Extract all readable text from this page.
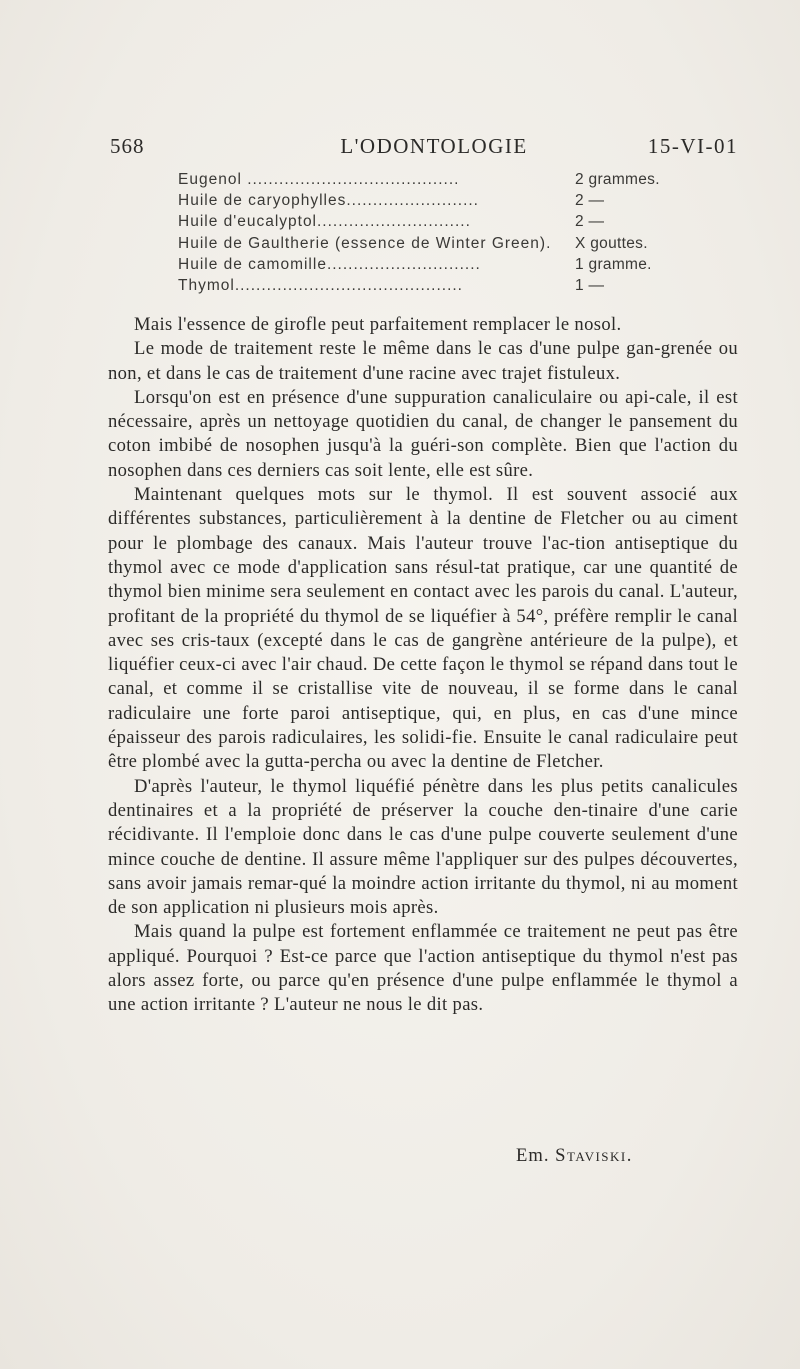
568	L'ODONTOLOGIE	15-VI-01
Eugenol ........................................	2 grammes.
Huile de caryophylles.........................	2 —
Huile d'eucalyptol.............................	2 —
Huile de Gaultherie (essence de Winter Green).	X gouttes.
Huile de camomille.............................	1 gramme.
Thymol...........................................	1 —

Mais l'essence de girofle peut parfaitement remplacer le nosol.

Le mode de traitement reste le même dans le cas d'une pulpe gan-grenée ou non, et dans le cas de traitement d'une racine avec trajet fistuleux.

Lorsqu'on est en présence d'une suppuration canaliculaire ou api-cale, il est nécessaire, après un nettoyage quotidien du canal, de changer le pansement du coton imbibé de nosophen jusqu'à la guéri-son complète. Bien que l'action du nosophen dans ces derniers cas soit lente, elle est sûre.

Maintenant quelques mots sur le thymol. Il est souvent associé aux différentes substances, particulièrement à la dentine de Fletcher ou au ciment pour le plombage des canaux. Mais l'auteur trouve l'ac-tion antiseptique du thymol avec ce mode d'application sans résul-tat pratique, car une quantité de thymol bien minime sera seulement en contact avec les parois du canal. L'auteur, profitant de la propriété du thymol de se liquéfier à 54°, préfère remplir le canal avec ses cris-taux (excepté dans le cas de gangrène antérieure de la pulpe), et liquéfier ceux-ci avec l'air chaud. De cette façon le thymol se répand dans tout le canal, et comme il se cristallise vite de nouveau, il se forme dans le canal radiculaire une forte paroi antiseptique, qui, en plus, en cas d'une mince épaisseur des parois radiculaires, les solidi-fie. Ensuite le canal radiculaire peut être plombé avec la gutta-percha ou avec la dentine de Fletcher.

D'après l'auteur, le thymol liquéfié pénètre dans les plus petits canalicules dentinaires et a la propriété de préserver la couche den-tinaire d'une carie récidivante. Il l'emploie donc dans le cas d'une pulpe couverte seulement d'une mince couche de dentine. Il assure même l'appliquer sur des pulpes découvertes, sans avoir jamais remar-qué la moindre action irritante du thymol, ni au moment de son application ni plusieurs mois après.

Mais quand la pulpe est fortement enflammée ce traitement ne peut pas être appliqué. Pourquoi ? Est-ce parce que l'action antiseptique du thymol n'est pas alors assez forte, ou parce qu'en présence d'une pulpe enflammée le thymol a une action irritante ? L'auteur ne nous le dit pas.

Em. Staviski.
